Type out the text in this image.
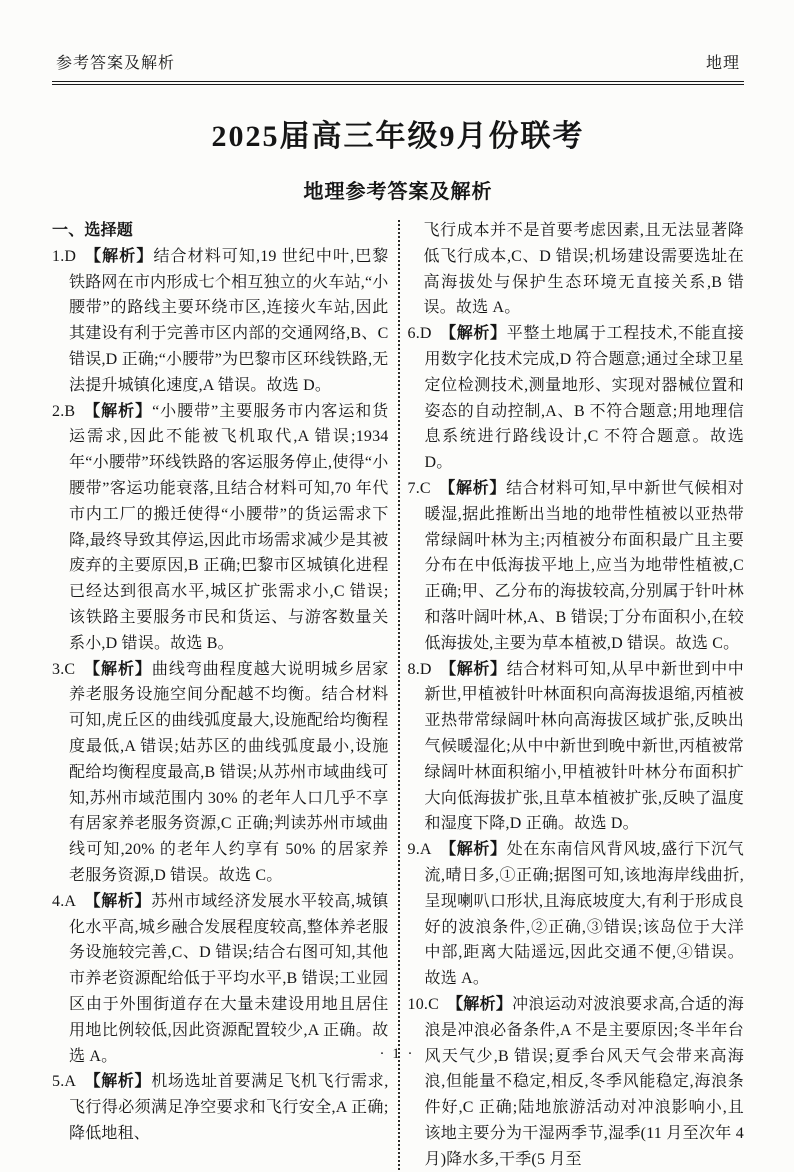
参考答案及解析	地理
2025届高三年级9月份联考
地理参考答案及解析
一、选择题

1.D 【解析】结合材料可知,19 世纪中叶,巴黎铁路网在市内形成七个相互独立的火车站,“小腰带”的路线主要环绕市区,连接火车站,因此其建设有利于完善市区内部的交通网络,B、C 错误,D 正确;“小腰带”为巴黎市区环线铁路,无法提升城镇化速度,A 错误。故选 D。

2.B 【解析】“小腰带”主要服务市内客运和货运需求,因此不能被飞机取代,A 错误;1934 年“小腰带”环线铁路的客运服务停止,使得“小腰带”客运功能衰落,且结合材料可知,70 年代市内工厂的搬迁使得“小腰带”的货运需求下降,最终导致其停运,因此市场需求减少是其被废弃的主要原因,B 正确;巴黎市区城镇化进程已经达到很高水平,城区扩张需求小,C 错误;该铁路主要服务市民和货运、与游客数量关系小,D 错误。故选 B。

3.C 【解析】曲线弯曲程度越大说明城乡居家养老服务设施空间分配越不均衡。结合材料可知,虎丘区的曲线弧度最大,设施配给均衡程度最低,A 错误;姑苏区的曲线弧度最小,设施配给均衡程度最高,B 错误;从苏州市域曲线可知,苏州市域范围内 30% 的老年人口几乎不享有居家养老服务资源,C 正确;判读苏州市域曲线可知,20% 的老年人约享有 50% 的居家养老服务资源,D 错误。故选 C。

4.A 【解析】苏州市域经济发展水平较高,城镇化水平高,城乡融合发展程度较高,整体养老服务设施较完善,C、D 错误;结合右图可知,其他市养老资源配给低于平均水平,B 错误;工业园区由于外围街道存在大量未建设用地且居住用地比例较低,因此资源配置较少,A 正确。故选 A。

5.A 【解析】机场选址首要满足飞机飞行需求,飞行得必须满足净空要求和飞行安全,A 正确;降低地租、

飞行成本并不是首要考虑因素,且无法显著降低飞行成本,C、D 错误;机场建设需要选址在高海拔处与保护生态环境无直接关系,B 错误。故选 A。

6.D 【解析】平整土地属于工程技术,不能直接用数字化技术完成,D 符合题意;通过全球卫星定位检测技术,测量地形、实现对器械位置和姿态的自动控制,A、B 不符合题意;用地理信息系统进行路线设计,C 不符合题意。故选 D。

7.C 【解析】结合材料可知,早中新世气候相对暖湿,据此推断出当地的地带性植被以亚热带常绿阔叶林为主;丙植被分布面积最广且主要分布在中低海拔平地上,应当为地带性植被,C 正确;甲、乙分布的海拔较高,分别属于针叶林和落叶阔叶林,A、B 错误;丁分布面积小,在较低海拔处,主要为草本植被,D 错误。故选 C。

8.D 【解析】结合材料可知,从早中新世到中中新世,甲植被针叶林面积向高海拔退缩,丙植被亚热带常绿阔叶林向高海拔区域扩张,反映出气候暖湿化;从中中新世到晚中新世,丙植被常绿阔叶林面积缩小,甲植被针叶林分布面积扩大向低海拔扩张,且草本植被扩张,反映了温度和湿度下降,D 正确。故选 D。

9.A 【解析】处在东南信风背风坡,盛行下沉气流,晴日多,①正确;据图可知,该地海岸线曲折,呈现喇叭口形状,且海底坡度大,有利于形成良好的波浪条件,②正确,③错误;该岛位于大洋中部,距离大陆遥远,因此交通不便,④错误。故选 A。

10.C 【解析】冲浪运动对波浪要求高,合适的海浪是冲浪必备条件,A 不是主要原因;冬半年台风天气少,B 错误;夏季台风天气会带来高海浪,但能量不稳定,相反,冬季风能稳定,海浪条件好,C 正确;陆地旅游活动对冲浪影响小,且该地主要分为干湿两季节,湿季(11 月至次年 4 月)降水多,干季(5 月至

· 1 ·
